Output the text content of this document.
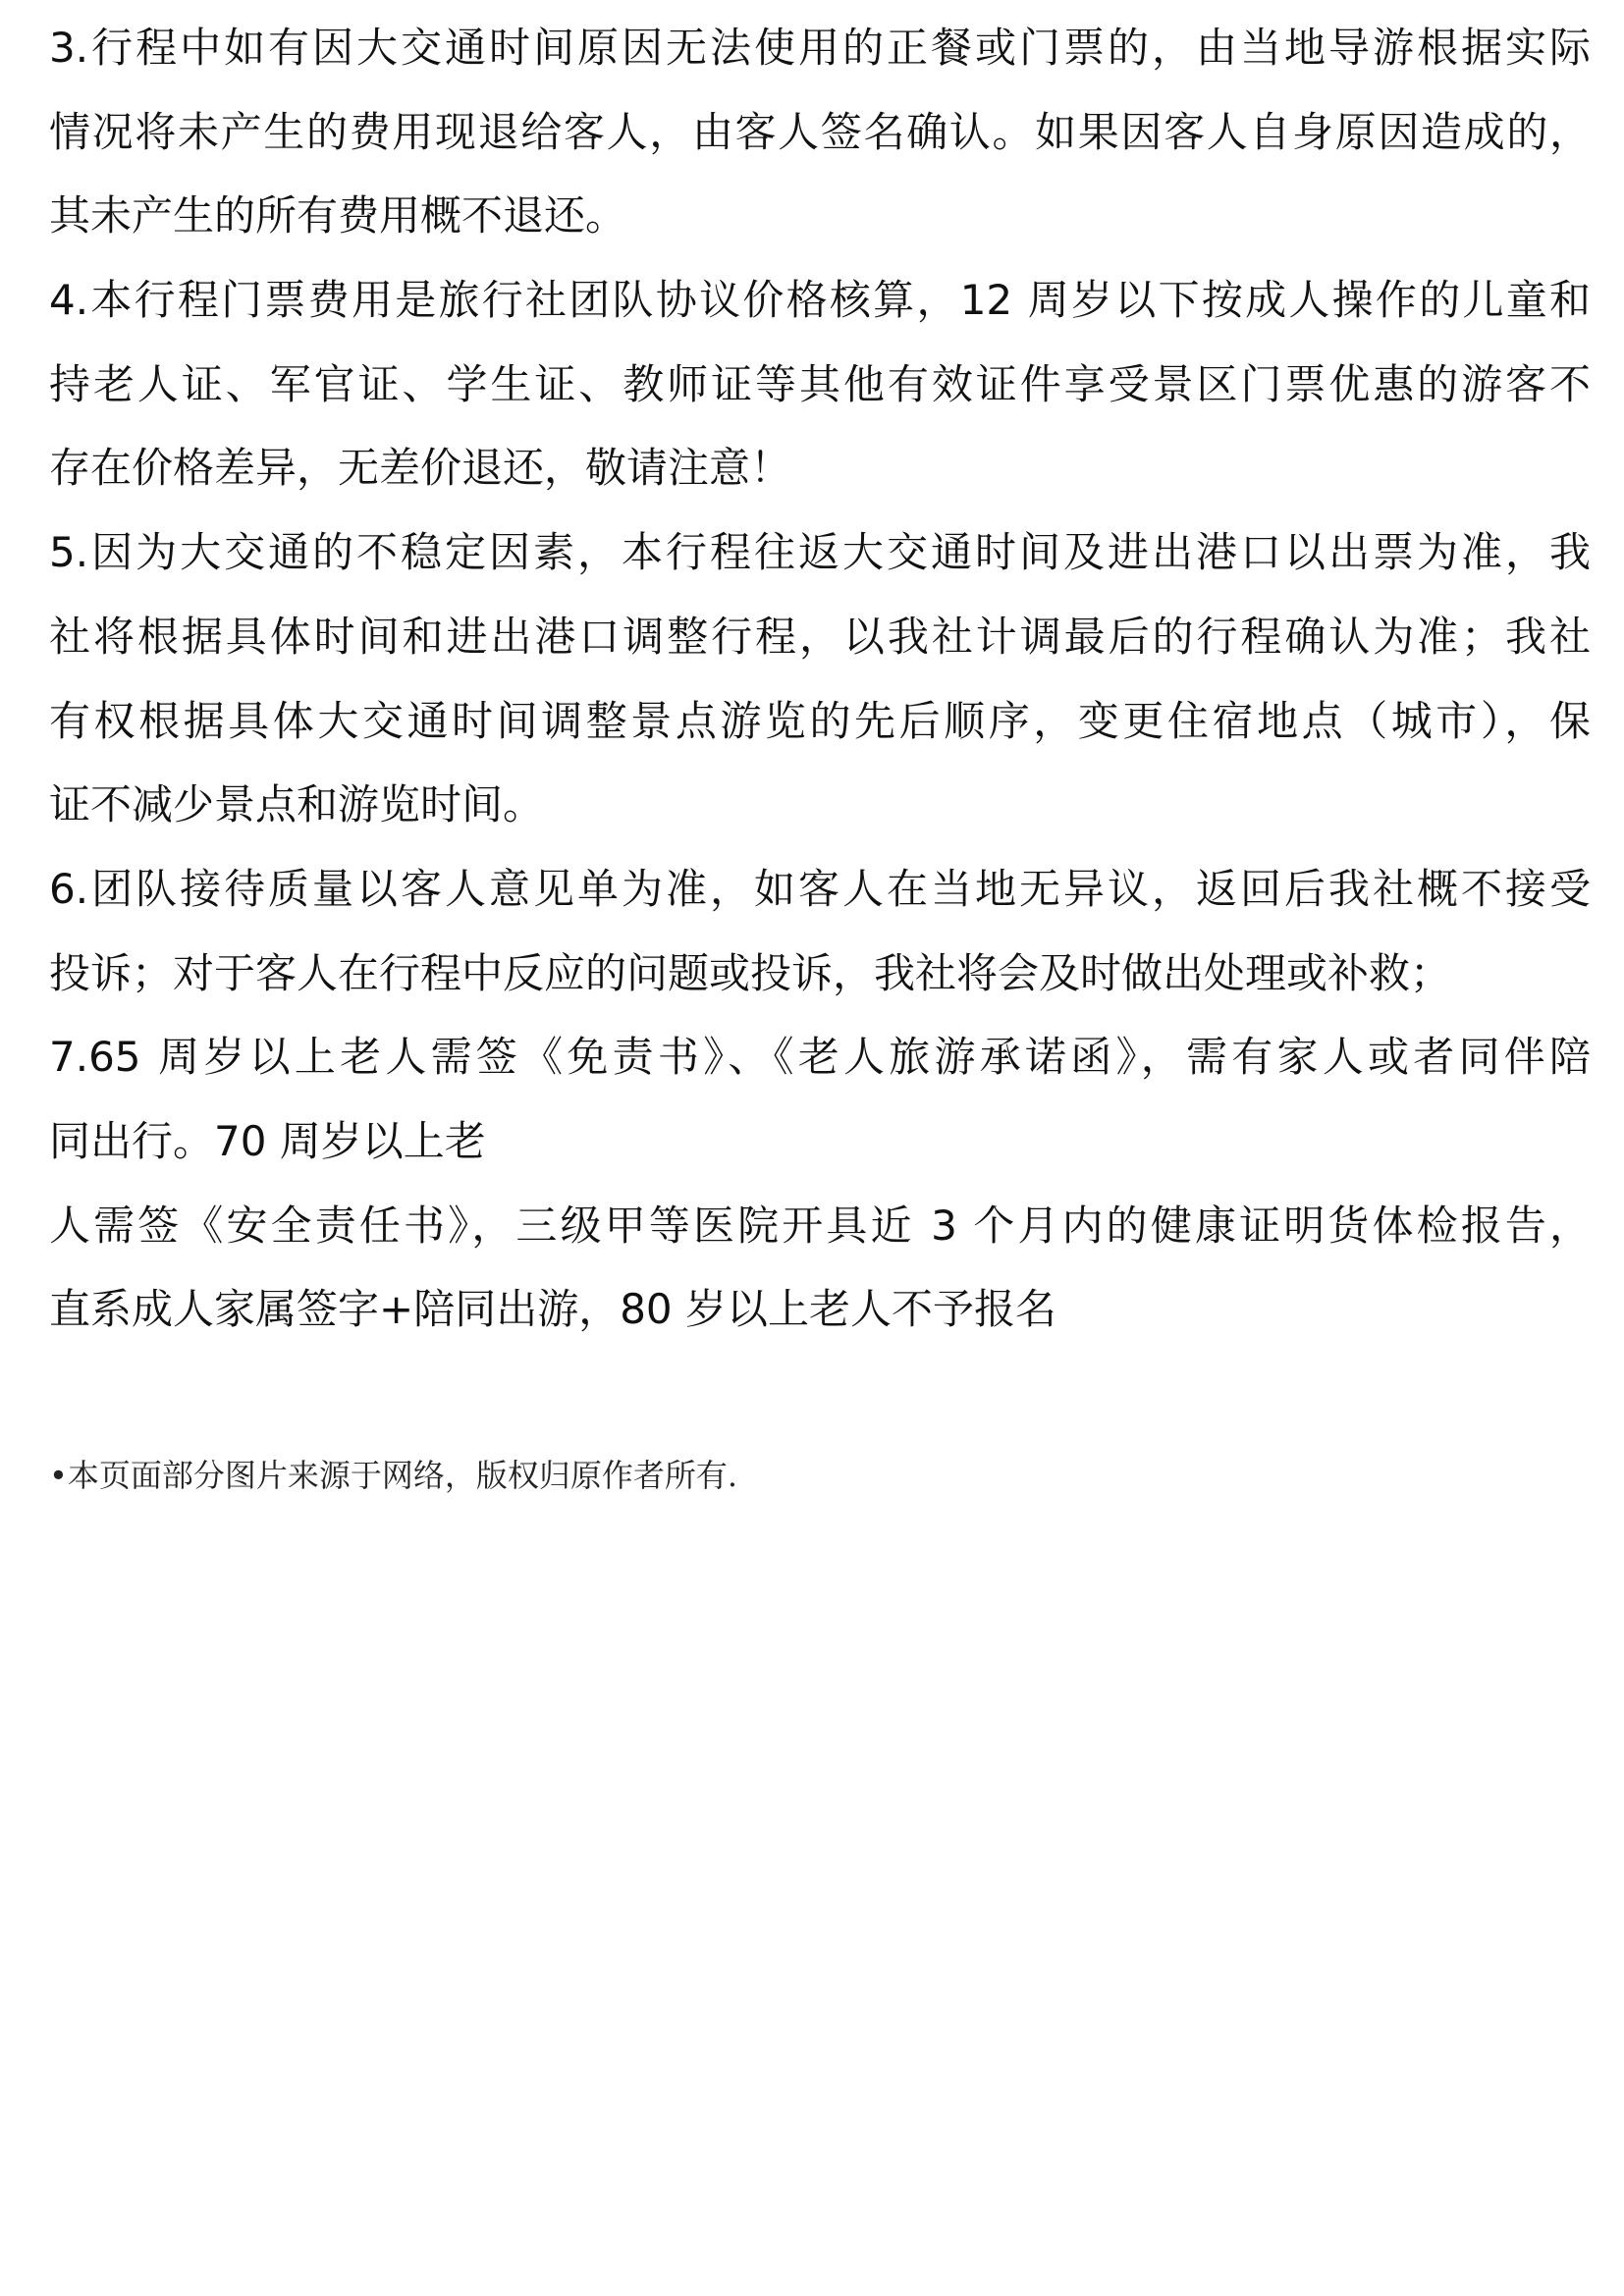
3.行程中如有因大交通时间原因无法使用的正餐或门票的，由当地导游根据实际
情况将未产生的费用现退给客人，由客人签名确认。如果因客人自身原因造成的，
其未产生的所有费用概不退还。
4.本行程门票费用是旅行社团队协议价格核算，12 周岁以下按成人操作的儿童和
持老人证、军官证、学生证、教师证等其他有效证件享受景区门票优惠的游客不
存在价格差异，无差价退还，敬请注意！
5.因为大交通的不稳定因素，本行程往返大交通时间及进出港口以出票为准，我
社将根据具体时间和进出港口调整行程，以我社计调最后的行程确认为准；我社
有权根据具体大交通时间调整景点游览的先后顺序，变更住宿地点（城市），保
证不减少景点和游览时间。
6.团队接待质量以客人意见单为准，如客人在当地无异议，返回后我社概不接受
投诉；对于客人在行程中反应的问题或投诉，我社将会及时做出处理或补救；
7.65 周岁以上老人需签《免责书》、《老人旅游承诺函》，需有家人或者同伴陪
同出行。70 周岁以上老
人需签《安全责任书》，三级甲等医院开具近 3 个月内的健康证明货体检报告，
直系成人家属签字+陪同出游，80 岁以上老人不予报名
•本页面部分图片来源于网络，版权归原作者所有.
